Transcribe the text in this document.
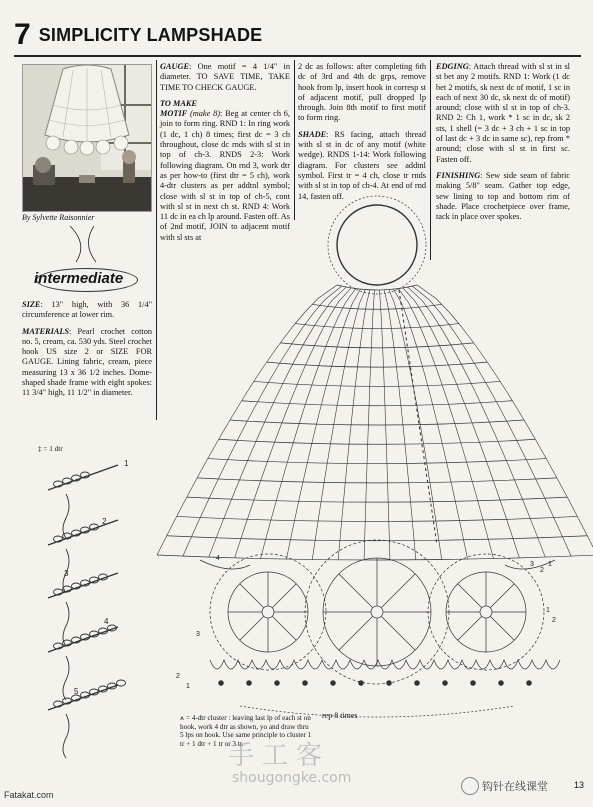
7 SIMPLICITY LAMPSHADE
By Sylvette Raisonnier
intermediate

SIZE: 13" high, with 36 1/4" circumference at lower rim.

MATERIALS: Pearl crochet cotton no. 5, cream, ca. 530 yds. Steel crochet hook US size 2 or SIZE FOR GAUGE. Lining fabric, cream, piece measuring 13 x 36 1/2 inches. Dome-shaped shade frame with eight spokes: 11 3/4" high, 11 1/2" in diameter.

GAUGE: One motif = 4 1/4" in diameter. TO SAVE TIME, TAKE TIME TO CHECK GAUGE.

TO MAKE

MOTIF (make 8): Beg at center ch 6, join to form ring. RND 1: In ring work (1 dc, 1 ch) 8 times; first dc = 3 ch throughout, close dc rnds with sl st in top of ch-3. RNDS 2-3: Work following diagram. On rnd 3, work dtr as per how-to (first dtr = 5 ch), work 4-dtr clusters as per addtnl symbol; close with sl st in top of ch-5, cont with sl st in next ch st. RND 4: Work 11 dc in ea ch lp around. Fasten off. As of 2nd motif, JOIN to adjacent motif with sl sts at

2 dc as follows: after completing 6th dc of 3rd and 4th dc grps, remove hook from lp, insert hook in corresp st of adjacent motif, pull dropped lp through. Join 8th motif to first motif to form ring.

SHADE: RS facing, attach thread with sl st in dc of any motif (white wedge). RNDS 1-14: Work following diagram. For clusters see addtnl symbol. First tr = 4 ch, close tr rnds with sl st in top of ch-4. At end of rnd 14, fasten off.

EDGING: Attach thread with sl st in sl st bet any 2 motifs. RND 1: Work (1 dc bet 2 motifs, sk next dc of motif, 1 sc in each of next 30 dc, sk next dc of motif) around; close with sl st in top of ch-3. RND 2: Ch 1, work * 1 sc in dc, sk 2 sts, 1 shell (= 3 dc + 3 ch + 1 sc in top of last dc + 3 dc in same sc), rep from * around; close with sl st in first sc. Fasten off.

FINISHING: Sew side seam of fabric making 5/8" seam. Gather top edge, sew lining to top and bottom rim of shade. Place crochetpiece over frame, tack in place over spokes.

1
2
3
4
5
1
2
3
4
1
2
3
1
2
‡ = 1 dtr
rep 8 times
⩚ = 4-dtr cluster : leaving last lp of each st on hook, work 4 dtr as shown, yo and draw thru 5 lps on hook. Use same principle to cluster 1 tr + 1 dtr + 1 tr or 3 tr.
手工客
shougongke.com
Fatakat.com
钩针在线课堂	13
